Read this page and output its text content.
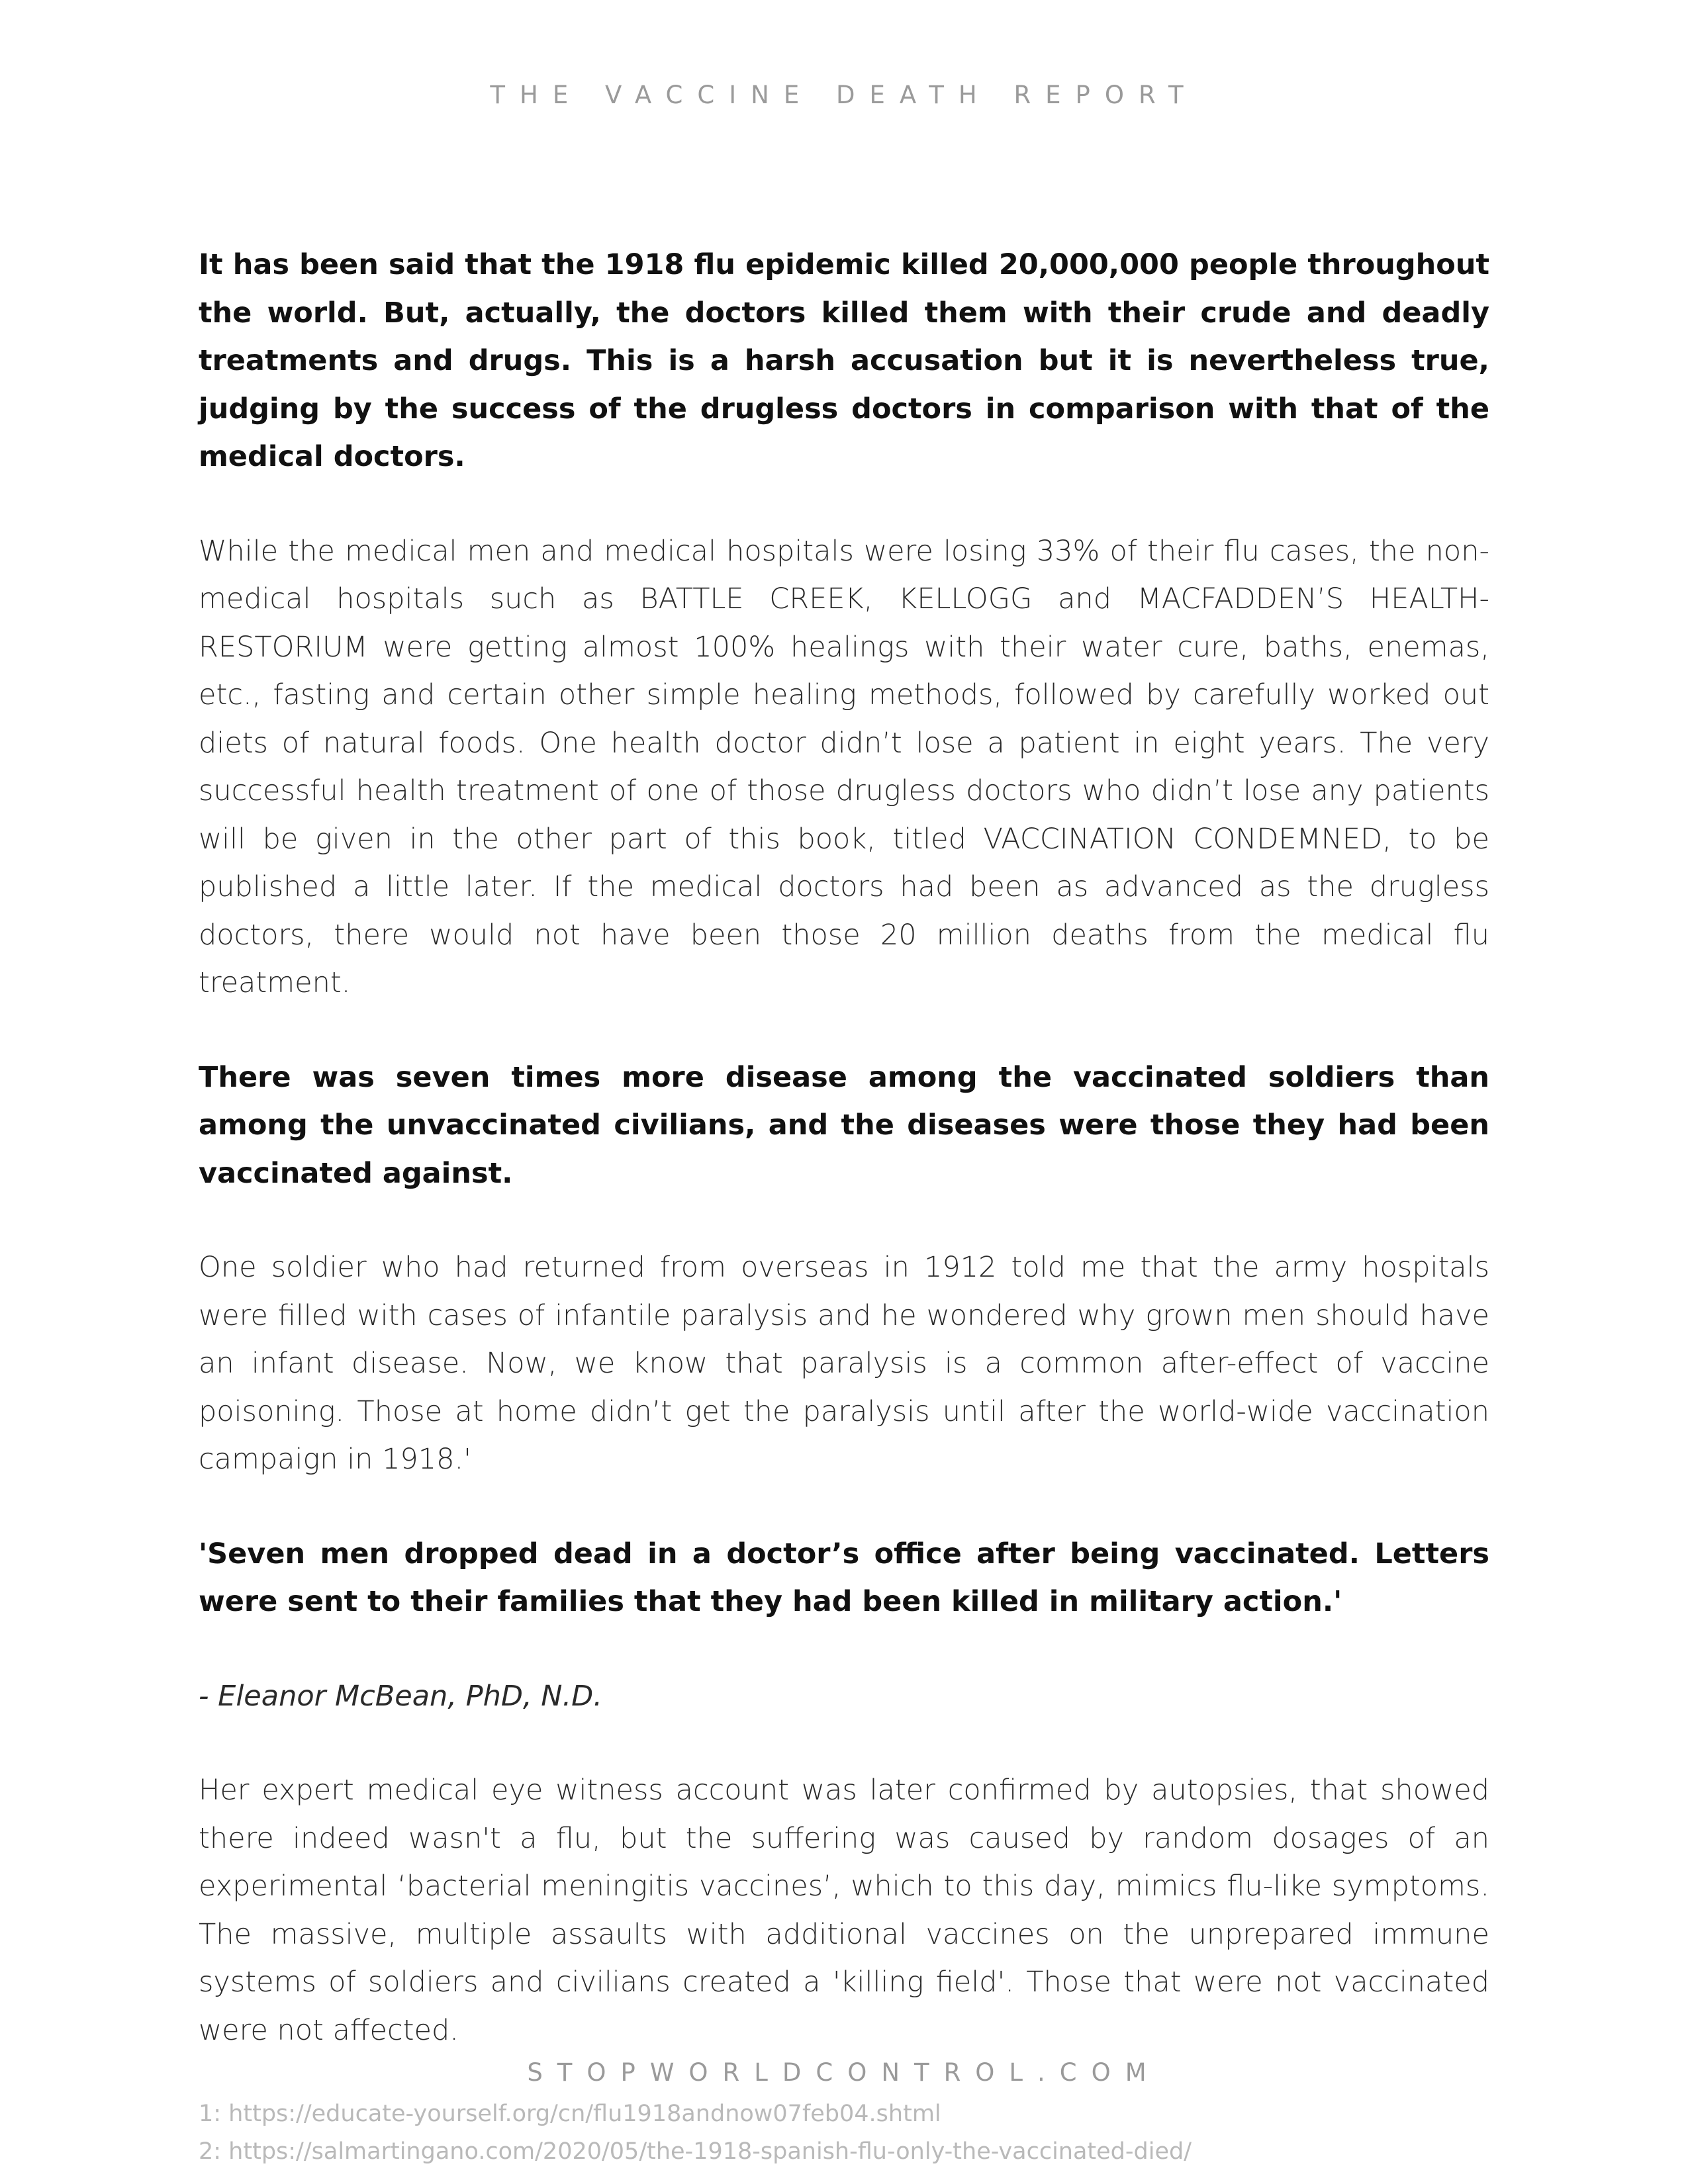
THE VACCINE DEATH REPORT

It has been said that the 1918 flu epidemic killed 20,000,000 people throughout the world. But, actually, the doctors killed them with their crude and deadly treatments and drugs. This is a harsh accusation but it is nevertheless true, judging by the success of the drugless doctors in comparison with that of the medical doctors.

While the medical men and medical hospitals were losing 33% of their flu cases, the non-medical hospitals such as BATTLE CREEK, KELLOGG and MACFADDEN’S HEALTH-RESTORIUM were getting almost 100% healings with their water cure, baths, enemas, etc., fasting and certain other simple healing methods, followed by carefully worked out diets of natural foods. One health doctor didn’t lose a patient in eight years. The very successful health treatment of one of those drugless doctors who didn’t lose any patients will be given in the other part of this book, titled VACCINATION CONDEMNED, to be published a little later. If the medical doctors had been as advanced as the drugless doctors, there would not have been those 20 million deaths from the medical flu treatment.

There was seven times more disease among the vaccinated soldiers than among the unvaccinated civilians, and the diseases were those they had been vaccinated against.

One soldier who had returned from overseas in 1912 told me that the army hospitals were filled with cases of infantile paralysis and he wondered why grown men should have an infant disease. Now, we know that paralysis is a common after-effect of vaccine poisoning. Those at home didn’t get the paralysis until after the world-wide vaccination campaign in 1918.'

'Seven men dropped dead in a doctor’s office after being vaccinated. Letters were sent to their families that they had been killed in military action.'

- Eleanor McBean, PhD, N.D.

Her expert medical eye witness account was later confirmed by autopsies, that showed there indeed wasn't a flu, but the suffering was caused by random dosages of an experimental ‘bacterial meningitis vaccines’, which to this day, mimics flu-like symptoms. The massive, multiple assaults with additional vaccines on the unprepared immune systems of soldiers and civilians created a 'killing field'. Those that were not vaccinated were not affected.

1: https://educate-yourself.org/cn/flu1918andnow07feb04.shtml
2: https://salmartingano.com/2020/05/the-1918-spanish-flu-only-the-vaccinated-died/
STOPWORLDCONTROL.COM
